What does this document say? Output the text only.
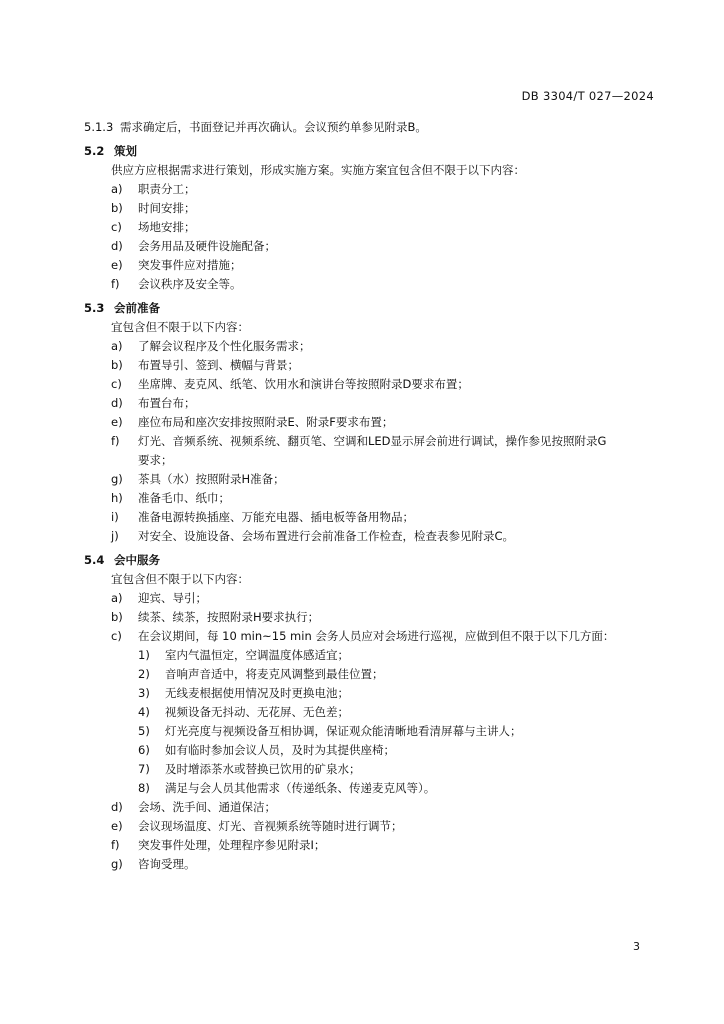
DB 3304/T 027—2024
5.1.3 需求确定后，书面登记并再次确认。会议预约单参见附录B。
5.2 策划
供应方应根据需求进行策划，形成实施方案。实施方案宜包含但不限于以下内容：
a) 职责分工；
b) 时间安排；
c) 场地安排；
d) 会务用品及硬件设施配备；
e) 突发事件应对措施；
f) 会议秩序及安全等。
5.3 会前准备
宜包含但不限于以下内容：
a) 了解会议程序及个性化服务需求；
b) 布置导引、签到、横幅与背景；
c) 坐席牌、麦克风、纸笔、饮用水和演讲台等按照附录D要求布置；
d) 布置台布；
e) 座位布局和座次安排按照附录E、附录F要求布置；
f) 灯光、音频系统、视频系统、翻页笔、空调和LED显示屏会前进行调试，操作参见按照附录G
要求；
g) 茶具（水）按照附录H准备；
h) 准备毛巾、纸巾；
i) 准备电源转换插座、万能充电器、插电板等备用物品；
j) 对安全、设施设备、会场布置进行会前准备工作检查，检查表参见附录C。
5.4 会中服务
宜包含但不限于以下内容：
a) 迎宾、导引；
b) 续茶、续茶，按照附录H要求执行；
c) 在会议期间，每 10 min~15 min 会务人员应对会场进行巡视，应做到但不限于以下几方面：
1) 室内气温恒定，空调温度体感适宜；
2) 音响声音适中，将麦克风调整到最佳位置；
3) 无线麦根据使用情况及时更换电池；
4) 视频设备无抖动、无花屏、无色差；
5) 灯光亮度与视频设备互相协调，保证观众能清晰地看清屏幕与主讲人；
6) 如有临时参加会议人员，及时为其提供座椅；
7) 及时增添茶水或替换已饮用的矿泉水；
8) 满足与会人员其他需求（传递纸条、传递麦克风等）。
d) 会场、洗手间、通道保洁；
e) 会议现场温度、灯光、音视频系统等随时进行调节；
f) 突发事件处理，处理程序参见附录I；
g) 咨询受理。
3
